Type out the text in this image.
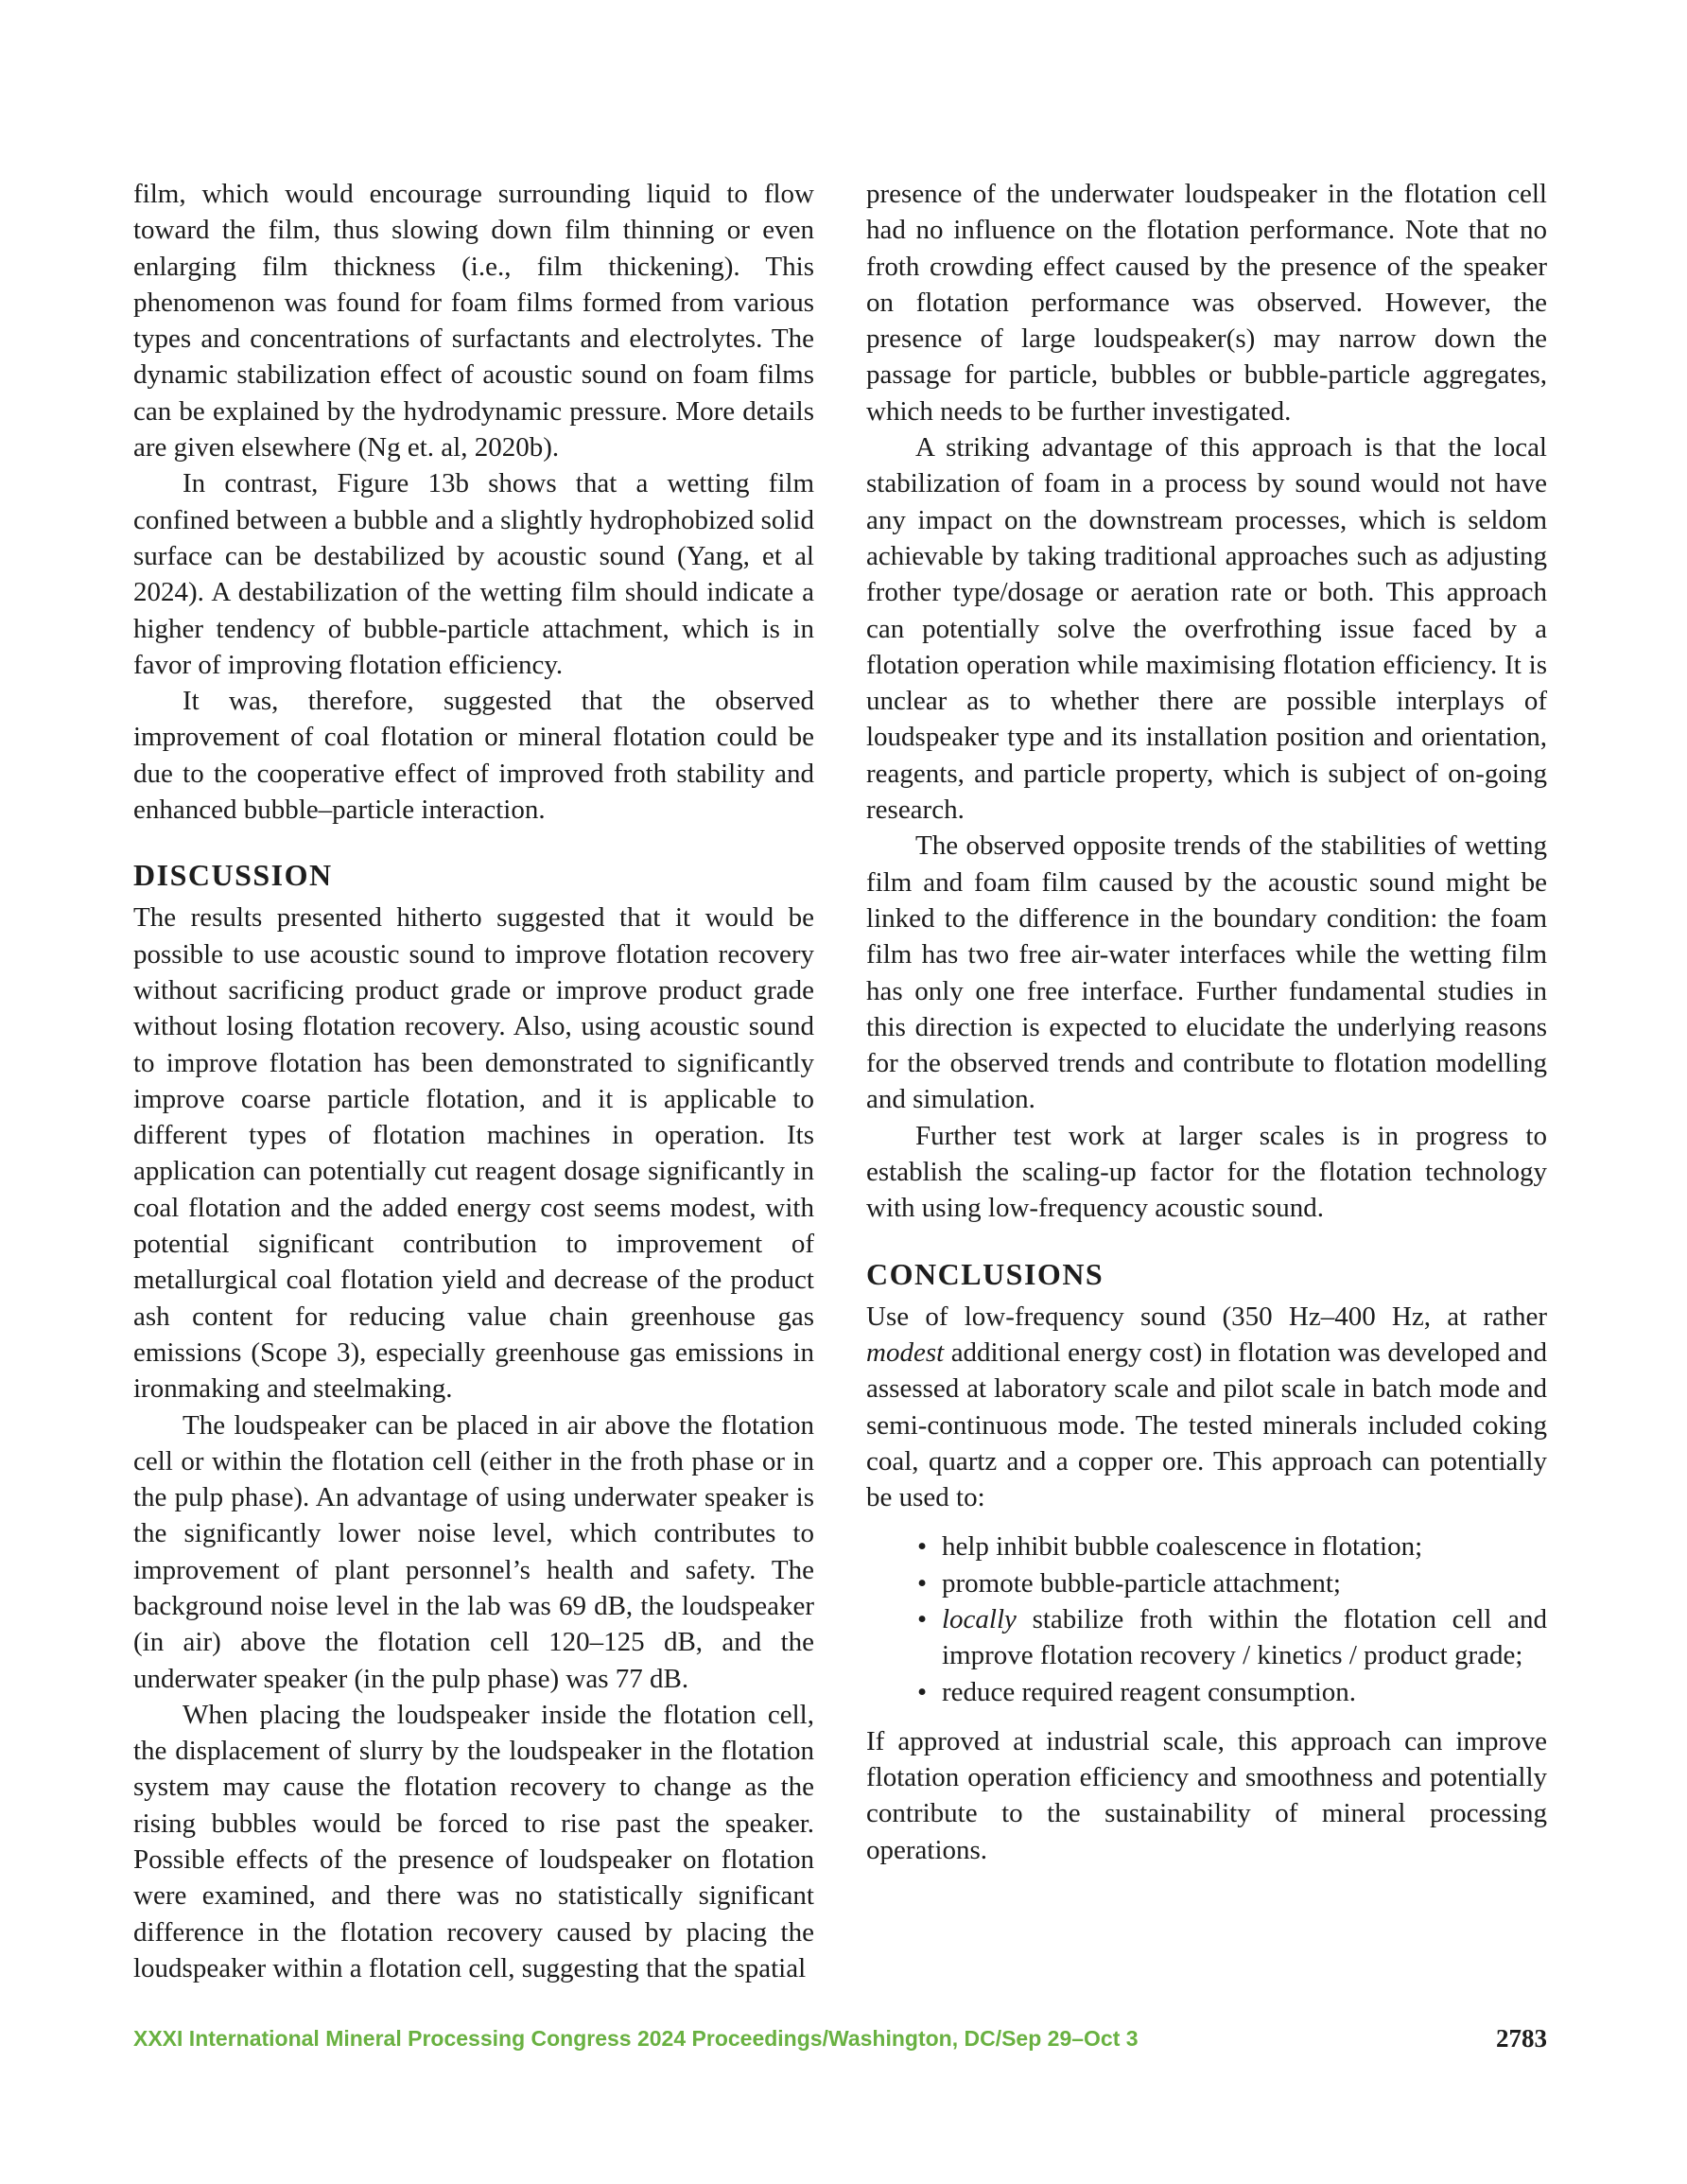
film, which would encourage surrounding liquid to flow toward the film, thus slowing down film thinning or even enlarging film thickness (i.e., film thickening). This phenomenon was found for foam films formed from various types and concentrations of surfactants and electrolytes. The dynamic stabilization effect of acoustic sound on foam films can be explained by the hydrodynamic pressure. More details are given elsewhere (Ng et. al, 2020b).

In contrast, Figure 13b shows that a wetting film confined between a bubble and a slightly hydrophobized solid surface can be destabilized by acoustic sound (Yang, et al 2024). A destabilization of the wetting film should indicate a higher tendency of bubble-particle attachment, which is in favor of improving flotation efficiency.

It was, therefore, suggested that the observed improvement of coal flotation or mineral flotation could be due to the cooperative effect of improved froth stability and enhanced bubble–particle interaction.

DISCUSSION

The results presented hitherto suggested that it would be possible to use acoustic sound to improve flotation recovery without sacrificing product grade or improve product grade without losing flotation recovery. Also, using acoustic sound to improve flotation has been demonstrated to significantly improve coarse particle flotation, and it is applicable to different types of flotation machines in operation. Its application can potentially cut reagent dosage significantly in coal flotation and the added energy cost seems modest, with potential significant contribution to improvement of metallurgical coal flotation yield and decrease of the product ash content for reducing value chain greenhouse gas emissions (Scope 3), especially greenhouse gas emissions in ironmaking and steelmaking.

The loudspeaker can be placed in air above the flotation cell or within the flotation cell (either in the froth phase or in the pulp phase). An advantage of using underwater speaker is the significantly lower noise level, which contributes to improvement of plant personnel’s health and safety. The background noise level in the lab was 69 dB, the loudspeaker (in air) above the flotation cell 120–125 dB, and the underwater speaker (in the pulp phase) was 77 dB.

When placing the loudspeaker inside the flotation cell, the displacement of slurry by the loudspeaker in the flotation system may cause the flotation recovery to change as the rising bubbles would be forced to rise past the speaker. Possible effects of the presence of loudspeaker on flotation were examined, and there was no statistically significant difference in the flotation recovery caused by placing the loudspeaker within a flotation cell, suggesting that the spatial

presence of the underwater loudspeaker in the flotation cell had no influence on the flotation performance. Note that no froth crowding effect caused by the presence of the speaker on flotation performance was observed. However, the presence of large loudspeaker(s) may narrow down the passage for particle, bubbles or bubble-particle aggregates, which needs to be further investigated.

A striking advantage of this approach is that the local stabilization of foam in a process by sound would not have any impact on the downstream processes, which is seldom achievable by taking traditional approaches such as adjusting frother type/dosage or aeration rate or both. This approach can potentially solve the overfrothing issue faced by a flotation operation while maximising flotation efficiency. It is unclear as to whether there are possible interplays of loudspeaker type and its installation position and orientation, reagents, and particle property, which is subject of on-going research.

The observed opposite trends of the stabilities of wetting film and foam film caused by the acoustic sound might be linked to the difference in the boundary condition: the foam film has two free air-water interfaces while the wetting film has only one free interface. Further fundamental studies in this direction is expected to elucidate the underlying reasons for the observed trends and contribute to flotation modelling and simulation.

Further test work at larger scales is in progress to establish the scaling-up factor for the flotation technology with using low-frequency acoustic sound.

CONCLUSIONS

Use of low-frequency sound (350 Hz–400 Hz, at rather modest additional energy cost) in flotation was developed and assessed at laboratory scale and pilot scale in batch mode and semi-continuous mode. The tested minerals included coking coal, quartz and a copper ore. This approach can potentially be used to:

• help inhibit bubble coalescence in flotation;
• promote bubble-particle attachment;
• locally stabilize froth within the flotation cell and improve flotation recovery / kinetics / product grade;
• reduce required reagent consumption.

If approved at industrial scale, this approach can improve flotation operation efficiency and smoothness and potentially contribute to the sustainability of mineral processing operations.

XXXI International Mineral Processing Congress 2024 Proceedings/Washington, DC/Sep 29–Oct 3	2783
